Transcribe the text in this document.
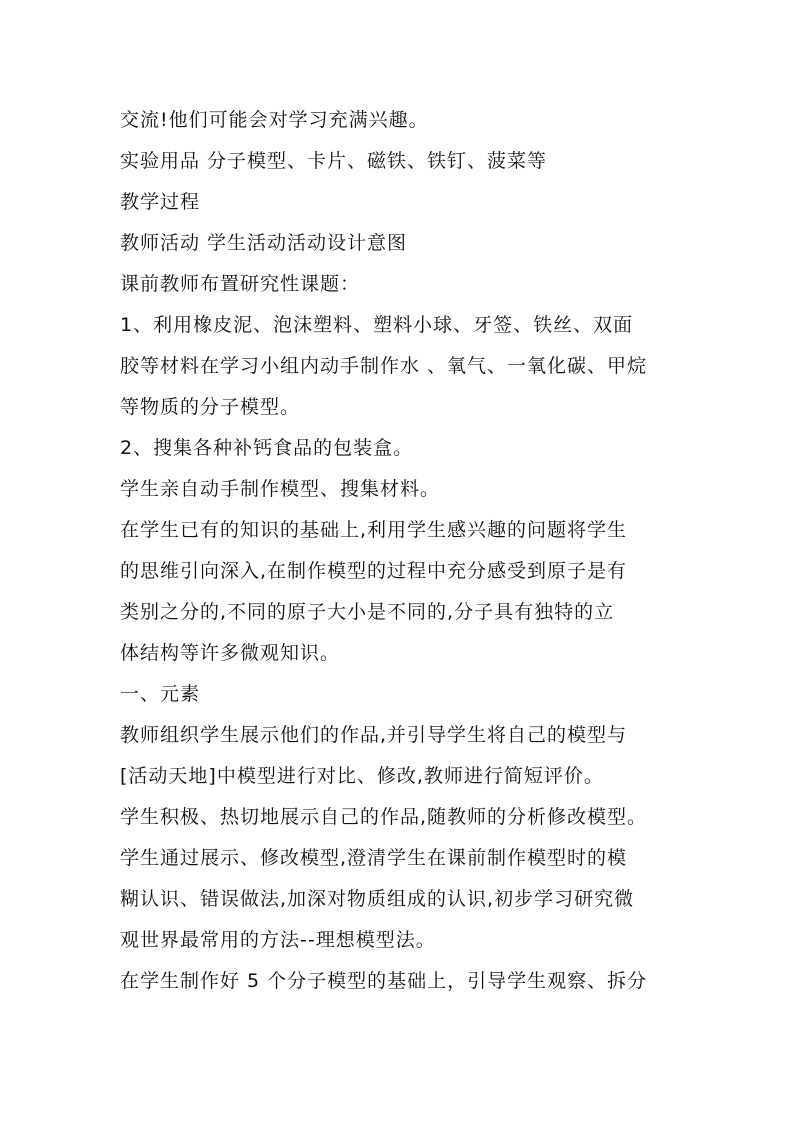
交流!他们可能会对学习充满兴趣。
实验用品 分子模型、卡片、磁铁、铁钉、菠菜等
教学过程
教师活动 学生活动活动设计意图
课前教师布置研究性课题：
1、利用橡皮泥、泡沫塑料、塑料小球、牙签、铁丝、双面
胶等材料在学习小组内动手制作水 、氧气、一氧化碳、甲烷
等物质的分子模型。
2、搜集各种补钙食品的包装盒。
学生亲自动手制作模型、搜集材料。
在学生已有的知识的基础上,利用学生感兴趣的问题将学生
的思维引向深入,在制作模型的过程中充分感受到原子是有
类别之分的,不同的原子大小是不同的,分子具有独特的立
体结构等许多微观知识。
一、元素
教师组织学生展示他们的作品,并引导学生将自己的模型与
[活动天地]中模型进行对比、修改,教师进行简短评价。
学生积极、热切地展示自己的作品,随教师的分析修改模型。
学生通过展示、修改模型,澄清学生在课前制作模型时的模
糊认识、错误做法,加深对物质组成的认识,初步学习研究微
观世界最常用的方法--理想模型法。
在学生制作好 5 个分子模型的基础上，引导学生观察、拆分
